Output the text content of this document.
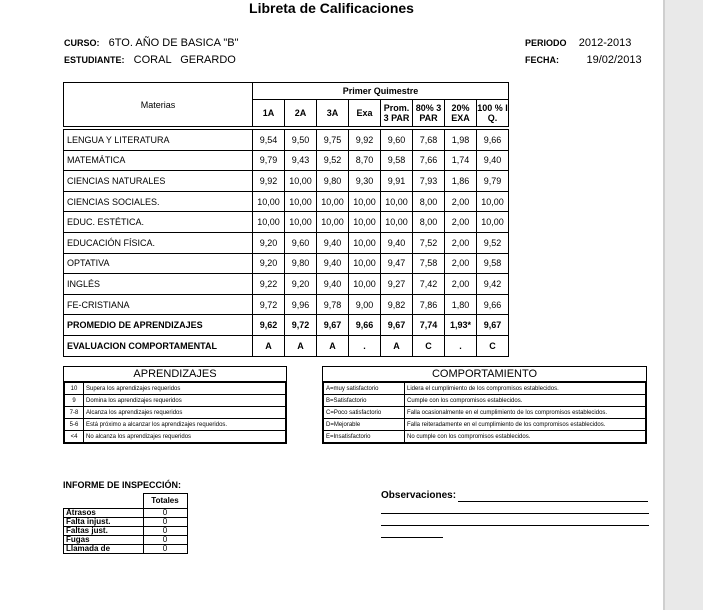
Libreta de Calificaciones
CURSO: 6TO. AÑO DE BASICA "B"
ESTUDIANTE: CORAL GERARDO
PERIODO 2012-2013
FECHA:	19/02/2013
Materias	Primer Quimestre							
	1A	2A	3A	Exa	Prom. 3 PAR	80% 3 PAR	20% EXA	100 % I Q.

LENGUA Y LITERATURA	9,54	9,50	9,75	9,92	9,60	7,68	1,98	9,66
MATEMÁTICA	9,79	9,43	9,52	8,70	9,58	7,66	1,74	9,40
CIENCIAS NATURALES	9,92	10,00	9,80	9,30	9,91	7,93	1,86	9,79
CIENCIAS SOCIALES.	10,00	10,00	10,00	10,00	10,00	8,00	2,00	10,00
EDUC. ESTÉTICA.	10,00	10,00	10,00	10,00	10,00	8,00	2,00	10,00
EDUCACIÓN FÍSICA.	9,20	9,60	9,40	10,00	9,40	7,52	2,00	9,52
OPTATIVA	9,20	9,80	9,40	10,00	9,47	7,58	2,00	9,58
INGLÉS	9,22	9,20	9,40	10,00	9,27	7,42	2,00	9,42
FE-CRISTIANA	9,72	9,96	9,78	9,00	9,82	7,86	1,80	9,66
PROMEDIO DE APRENDIZAJES	9,62	9,72	9,67	9,66	9,67	7,74	1,93*	9,67
EVALUACION COMPORTAMENTAL	A	A	A	.	A	C	.	C
APRENDIZAJES
10	Supera los aprendizajes requeridos
9	Domina los aprendizajes requeridos
7-8	Alcanza los aprendizajes requeridos
5-6	Está próximo a alcanzar los aprendizajes requeridos.
<4	No alcanza los aprendizajes requeridos
COMPORTAMIENTO
A=muy satisfactorio	Lidera el cumplimiento de los compromisos establecidos.
B=Satisfactorio	Cumple con los compromisos establecidos.
C=Poco satisfactorio	Falla ocasionalmente en el cumplimiento de los compromisos establecidos.
D=Mejorable	Falla reiteradamente en el cumplimiento de los compromisos establecidos.
E=Insatisfactorio	No cumple con los compromisos establecidos.
INFORME DE INSPECCIÓN:
	Totales
Atrasos	0
Falta injust.	0
Faltas just.	0
Fugas	0
Llamada de	0
Observaciones:
